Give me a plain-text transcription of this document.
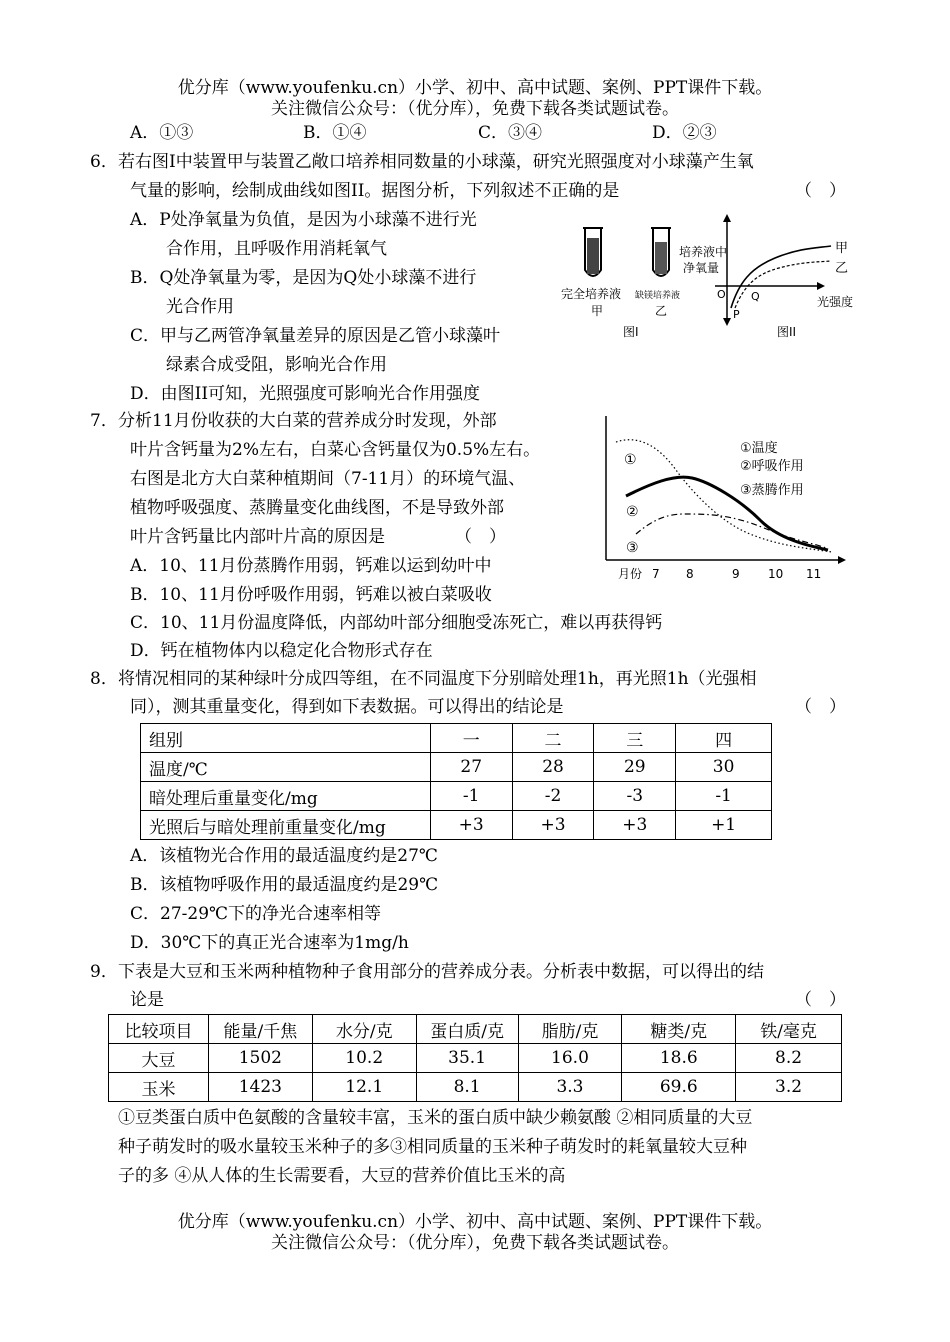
优分库（www.youfenku.cn）小学、初中、高中试题、案例、PPT课件下载。
关注微信公众号：（优分库），免费下载各类试题试卷。
A．①③	B．①④	C．③④	D．②③
6． 若右图I中装置甲与装置乙敞口培养相同数量的小球藻，研究光照强度对小球藻产生氧
气量的影响，绘制成曲线如图II。据图分析，下列叙述不正确的是	（　）
A．P处净氧量为负值，是因为小球藻不进行光
合作用，且呼吸作用消耗氧气
B．Q处净氧量为零，是因为Q处小球藻不进行
光合作用
C．甲与乙两管净氧量差异的原因是乙管小球藻叶
绿素合成受阻，影响光合作用
D．由图II可知，光照强度可影响光合作用强度
完全培养液
甲
缺镁培养液
乙
图I
培养液中
净氧量
甲
乙
O Q
P
光强度
图II
7． 分析11月份收获的大白菜的营养成分时发现，外部
叶片含钙量为2%左右，白菜心含钙量仅为0.5%左右。
右图是北方大白菜种植期间（7-11月）的环境气温、
植物呼吸强度、蒸腾量变化曲线图，不是导致外部
叶片含钙量比内部叶片高的原因是	（　）
A．10、11月份蒸腾作用弱，钙难以运到幼叶中
B．10、11月份呼吸作用弱，钙难以被白菜吸收
C．10、11月份温度降低，内部幼叶部分细胞受冻死亡，难以再获得钙
D．钙在植物体内以稳定化合物形式存在
①
②
③
①温度
②呼吸作用
③蒸腾作用
月份 7 8	9 10 11
8． 将情况相同的某种绿叶分成四等组，在不同温度下分别暗处理1h，再光照1h（光强相
同），测其重量变化，得到如下表数据。可以得出的结论是	（　）
组别	一	二	三	四
温度/℃	27	28	29	30
暗处理后重量变化/mg	-1	-2	-3	-1
光照后与暗处理前重量变化/mg	+3	+3	+3	+1
A．该植物光合作用的最适温度约是27℃
B．该植物呼吸作用的最适温度约是29℃
C．27-29℃下的净光合速率相等
D．30℃下的真正光合速率为1mg/h
9． 下表是大豆和玉米两种植物种子食用部分的营养成分表。分析表中数据，可以得出的结
论是	（　）
比较项目	能量/千焦	水分/克	蛋白质/克	脂肪/克	糖类/克	铁/毫克
大豆	1502	10.2	35.1	16.0	18.6	8.2
玉米	1423	12.1	8.1	3.3	69.6	3.2
①豆类蛋白质中色氨酸的含量较丰富，玉米的蛋白质中缺少赖氨酸 ②相同质量的大豆
种子萌发时的吸水量较玉米种子的多③相同质量的玉米种子萌发时的耗氧量较大豆种
子的多 ④从人体的生长需要看，大豆的营养价值比玉米的高
优分库（www.youfenku.cn）小学、初中、高中试题、案例、PPT课件下载。
关注微信公众号：（优分库），免费下载各类试题试卷。
